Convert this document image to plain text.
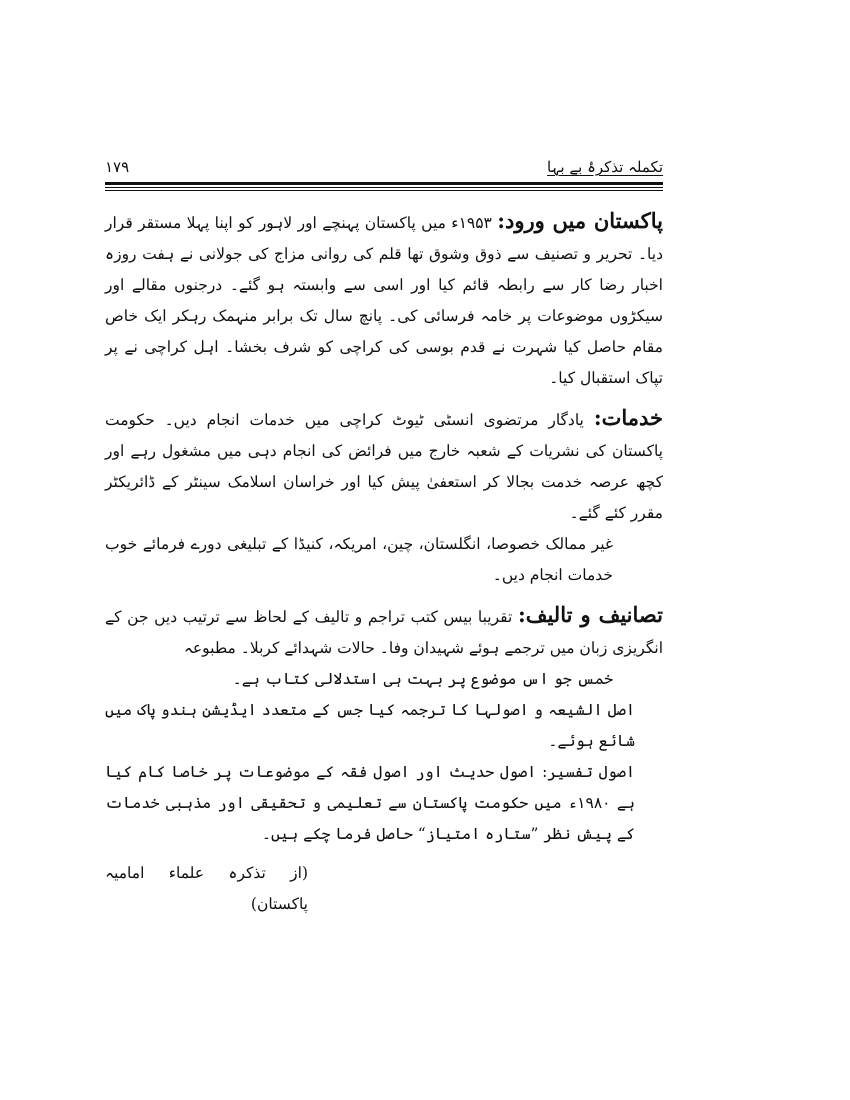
تکملہ تذکرۂ بے بہا
۱۷۹

پاکستان میں ورود: ۱۹۵۳ء میں پاکستان پہنچے اور لاہور کو اپنا پہلا مستقر قرار دیا۔ تحریر و تصنیف سے ذوق وشوق تھا قلم کی روانی مزاج کی جولانی نے ہفت روزہ اخبار رضا کار سے رابطہ قائم کیا اور اسی سے وابستہ ہو گئے۔ درجنوں مقالے اور سیکڑوں موضوعات پر خامہ فرسائی کی۔ پانچ سال تک برابر منہمک رہکر ایک خاص مقام حاصل کیا شہرت نے قدم بوسی کی کراچی کو شرف بخشا۔ اہل کراچی نے پر تپاک استقبال کیا۔

خدمات: یادگار مرتضوی انسٹی ٹیوٹ کراچی میں خدمات انجام دیں۔ حکومت پاکستان کی نشریات کے شعبہ خارج میں فرائض کی انجام دہی میں مشغول رہے اور کچھ عرصہ خدمت بجالا کر استعفیٰ پیش کیا اور خراسان اسلامک سینٹر کے ڈائریکٹر مقرر کئے گئے۔

غیر ممالک خصوصا، انگلستان، چین، امریکہ، کنیڈا کے تبلیغی دورے فرمائے خوب خدمات انجام دیں۔

تصانیف و تالیف: تقریبا بیس کتب تراجم و تالیف کے لحاظ سے ترتیب دیں جن کے انگریزی زبان میں ترجمے ہوئے شہیدان وفا۔ حالات شہدائے کربلا۔ مطبوعہ

خمس جو اس موضوع پر بہت ہی استدلالی کتاب ہے۔

اصل الشیعہ و اصولہا کا ترجمہ کیا جس کے متعدد ایڈیشن ہندو پاک میں شائع ہوئے۔

اصول تفسیر: اصول حدیث اور اصول فقہ کے موضوعات پر خاصا کام کیا ہے ۱۹۸۰ء میں حکومت پاکستان سے تعلیمی و تحقیقی اور مذہبی خدمات کے پیش نظر ”ستارہ امتیاز“ حاصل فرما چکے ہیں۔

(از تذکرہ علماء امامیہ پاکستان)
